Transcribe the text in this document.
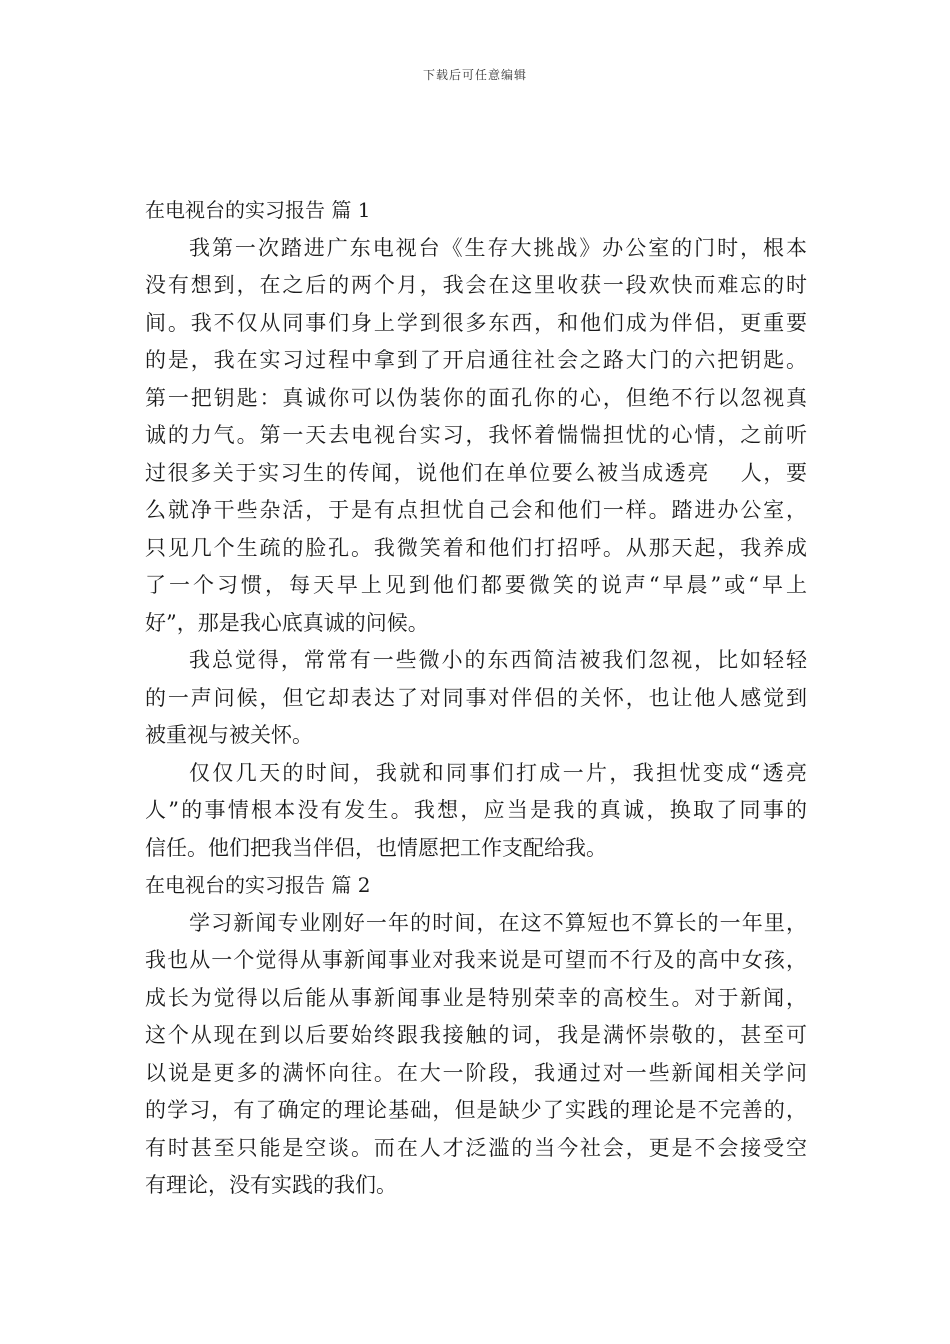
下载后可任意编辑
在电视台的实习报告 篇 1
我第一次踏进广东电视台《生存大挑战》办公室的门时，根本
没有想到，在之后的两个月，我会在这里收获一段欢快而难忘的时
间。我不仅从同事们身上学到很多东西，和他们成为伴侣，更重要
的是，我在实习过程中拿到了开启通往社会之路大门的六把钥匙。
第一把钥匙：真诚你可以伪装你的面孔你的心，但绝不行以忽视真
诚的力气。第一天去电视台实习，我怀着惴惴担忧的心情，之前听
过很多关于实习生的传闻，说他们在单位要么被当成透亮　 人，要
么就净干些杂活，于是有点担忧自己会和他们一样。踏进办公室，
只见几个生疏的脸孔。我微笑着和他们打招呼。从那天起，我养成
了一个习惯，每天早上见到他们都要微笑的说声“早晨”或“早上
好”，那是我心底真诚的问候。
我总觉得，常常有一些微小的东西简洁被我们忽视，比如轻轻
的一声问候，但它却表达了对同事对伴侣的关怀，也让他人感觉到
被重视与被关怀。
仅仅几天的时间，我就和同事们打成一片，我担忧变成“透亮
人”的事情根本没有发生。我想，应当是我的真诚，换取了同事的
信任。他们把我当伴侣，也情愿把工作支配给我。
在电视台的实习报告 篇 2
学习新闻专业刚好一年的时间，在这不算短也不算长的一年里，
我也从一个觉得从事新闻事业对我来说是可望而不行及的高中女孩，
成长为觉得以后能从事新闻事业是特别荣幸的高校生。对于新闻，
这个从现在到以后要始终跟我接触的词，我是满怀崇敬的，甚至可
以说是更多的满怀向往。在大一阶段，我通过对一些新闻相关学问
的学习，有了确定的理论基础，但是缺少了实践的理论是不完善的，
有时甚至只能是空谈。而在人才泛滥的当今社会，更是不会接受空
有理论，没有实践的我们。
